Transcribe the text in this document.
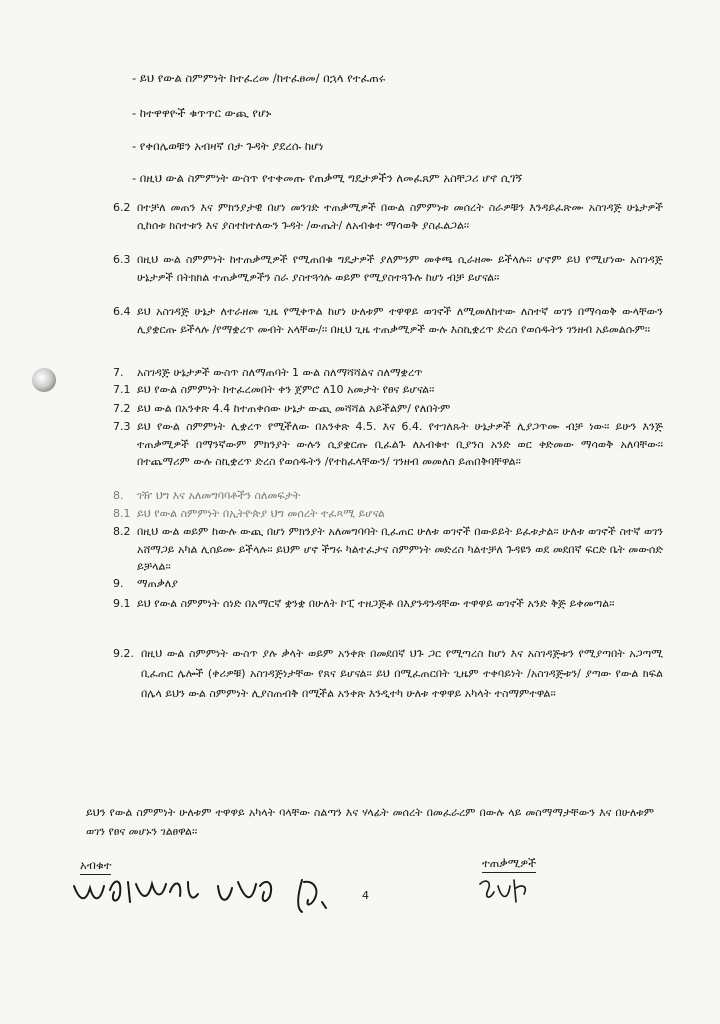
- ይህ የውል ስምምነት ከተፈረመ /ከተፈፀመ/ በኋላ የተፈጠሩ
- ከተዋዋዮች ቁጥጥር ውጪ የሆኑ
- የቀበሌወቹን አብዛኛ በታ ጉዳት ያደረሱ ከሆነ
- በዚህ ውል ስምምነት ውስጥ የተቀመጡ የጠቃሚ ግዴታዎችን ለመፈጸም አስቸጋሪ ሆኖ ሲገኝ
6.2 በተቻለ መጠን እና ምክንያታዊ በሆነ መንገድ ተጠቃሚዎች በውል ስምምነቱ መሰረት ስራዎቹን እንዳይፈጽሙ አስገዳጅ ሁኔታዎች ሲከሰቱ ክስተቱን እና ያስተከተለውን ጉዳት /ውጤት/ ለአብቁተ ማሳወቅ ያስፈልጋል፡፡
6.3 በዚህ ውል ስምምነት ከተጠቃሚዎች የሚጠበቁ ግዴታዎች ያለምንም መቀጫ ሲራዘሙ ይችላሉ፡፡ ሆኖም ይህ የሚሆነው አስገዳጅ ሁኔታዎች በትክክል ተጠቃሚዎችን ስራ ያስተጓጎሉ ወይም የሚያስተጓጉሉ ከሆነ ብቻ ይሆናል፡፡
6.4 ይህ አስገዳጅ ሁኔታ ለተራዘመ ጊዜ የሚቀጥል ከሆነ ሁለቱም ተዋዋይ ወገኖች ለሚመለከተው ለስተኛ ወገን በማሳወቅ ውላቸውን ሊያቋርጡ ይችላሉ /የማቋረጥ መብት አላቸው/፡፡ በዚህ ጊዜ ተጠቃሚዎች ውሉ እስኪቋረጥ ድረስ የወሰዱትን ገንዘብ አይመልሱም፡፡
7. አስገዳጅ ሁኔታዎች ውስጥ ስለማጠባት 1 ውል ስለማሻሻልና ስለማቋረጥ
7.1 ይህ የውል ስምምነት ከተፈረመበት ቀን ጀምሮ ለ10 አመታት የፀና ይሆናል፡፡
7.2 ይህ ውል በአንቀጽ 4.4 ከተጠቀሰው ሁኔታ ውጪ መሻሻል አይችልም/ የለበትም
7.3 ይህ የውል ስምምነት ሊቋረጥ የሚችለው በአንቀጽ 4.5. እና 6.4. የተገለጹት ሁኔታዎች ሊያጋጥሙ ብቻ ነው፡፡ ይሁን እንጅ ተጠቃሚዎች በማንኛውም ምክንያት ውሉን ሲያቋርጡ ቢፈልጉ ለአብቁተ ቢያንስ አንድ ወር ቀድመው ማሳወቅ አለባቸው፡፡ በተጨማሪም ውሉ ስኪቋረጥ ድረስ የወሰዱትን /የተከፈላቸውን/ ገንዘብ መመለስ ይጠበቅባቸዋል፡፡
8. ገዥ ህግ እና አለመግባባቶችን ስለመፍታት
8.1 ይህ የውል ስምምነት በኢትዮጵያ ህግ መሰረት ተፈጻሚ ይሆናል
8.2 በዚህ ውል ወይም ከውሉ ውጪ በሆነ ምክንያት አለመግባባት ቢፈጠር ሁለቱ ወገኖች በውይይት ይፈቱታል፡፡ ሁለቱ ወገኖች ስተኛ ወገን አሸማጋይ አካል ሊሰይሙ ይችላሉ፡፡ ይህም ሆኖ ችግሩ ካልተፈታና ስምምነት መድረስ ካልተቻለ ጉዳዩን ወደ መደበኛ ፍርድ ቤት መውሰድ ይቻላል፡፡
9. ማጠቃለያ
9.1 ይህ የውል ስምምነት ሰነድ በአማርኛ ቋንቋ በሁለት ኮፒ ተዘጋጅቶ በእያንዳንዳቸው ተዋዋይ ወገኖች አንድ ቅጅ ይቀመጣል፡፡
9.2. በዚህ ውል ስምምነት ውስጥ ያሉ ቃላት ወይም አንቀጽ በመደበኛ ህጉ ጋር የሚጣረስ ከሆነ እና አስገዳጅቱን የሚያጣበት አጋጣሚ ቢፈጠር ሌሎች (ቀሪዎቹ) አስገዳጅነታቸው የጸና ይሆናል፡፡ ይህ በሚፈጠርበት ጊዜም ተቀባይነት /አስገዳጅቱን/ ያጣው የውል ክፍል በሌላ ይህን ውል ስምምነት ሊያስጠብቅ በሚችል አንቀጽ እንዲተካ ሁለቱ ተዋዋይ አካላት ተስማምተዋል፡፡
ይህን የውል ስምምነት ሁለቱም ተዋዋይ አካላት ባላቸው ስልጣን እና ሃላፊት መሰረት በመፈራረም በውሉ ላይ መስማማታቸውን እና በሁለቱም ወገን የፀና መሆኑን ገልፀዋል፡፡
አብቁተ	ተጠቃሚዎች
4
